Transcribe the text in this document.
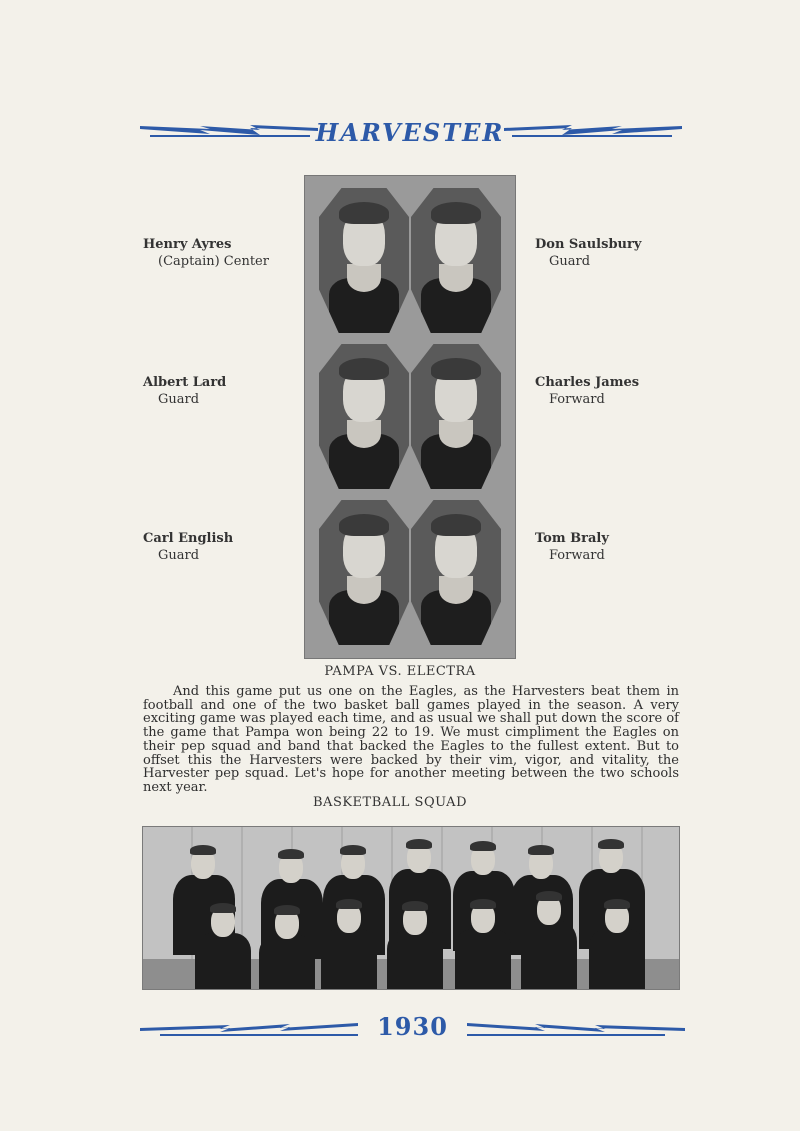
HARVESTER
Henry Ayres
(Captain) Center
Don Saulsbury
Guard
Albert Lard
Guard
Charles James
Forward
Carl English
Guard
Tom Braly
Forward
PAMPA VS. ELECTRA
And this game put us one on the Eagles, as the Harvesters beat them in football and one of the two basket ball games played in the season. A very exciting game was played each time, and as usual we shall put down the score of the game that Pampa won being 22 to 19. We must cimpliment the Eagles on their pep squad and band that backed the Eagles to the fullest extent. But to offset this the Harvesters were backed by their vim, vigor, and vitality, the Harvester pep squad. Let's hope for another meeting between the two schools next year.
BASKETBALL SQUAD
1930
